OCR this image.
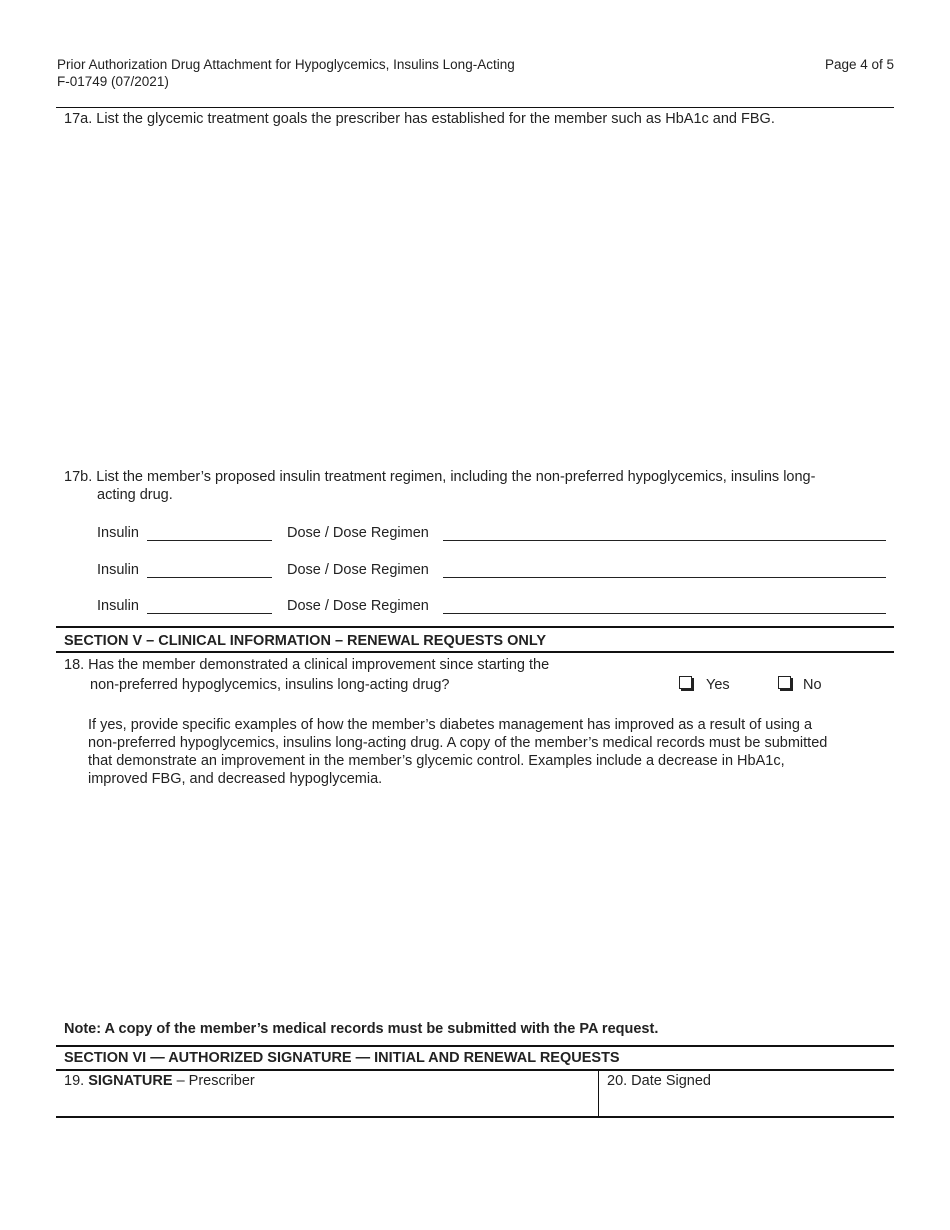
Prior Authorization Drug Attachment for Hypoglycemics, Insulins Long-Acting
F-01749 (07/2021)
Page 4 of 5
17a. List the glycemic treatment goals the prescriber has established for the member such as HbA1c and FBG.
17b. List the member’s proposed insulin treatment regimen, including the non-preferred hypoglycemics, insulins long-
acting drug.
Insulin	Dose / Dose Regimen
Insulin	Dose / Dose Regimen
Insulin	Dose / Dose Regimen
SECTION V – CLINICAL INFORMATION – RENEWAL REQUESTS ONLY
18. Has the member demonstrated a clinical improvement since starting the
non-preferred hypoglycemics, insulins long-acting drug?	Yes	No
If yes, provide specific examples of how the member’s diabetes management has improved as a result of using a
non-preferred hypoglycemics, insulins long-acting drug. A copy of the member’s medical records must be submitted
that demonstrate an improvement in the member’s glycemic control. Examples include a decrease in HbA1c,
improved FBG, and decreased hypoglycemia.
Note: A copy of the member’s medical records must be submitted with the PA request.
SECTION VI — AUTHORIZED SIGNATURE — INITIAL AND RENEWAL REQUESTS
19. SIGNATURE – Prescriber	20. Date Signed
